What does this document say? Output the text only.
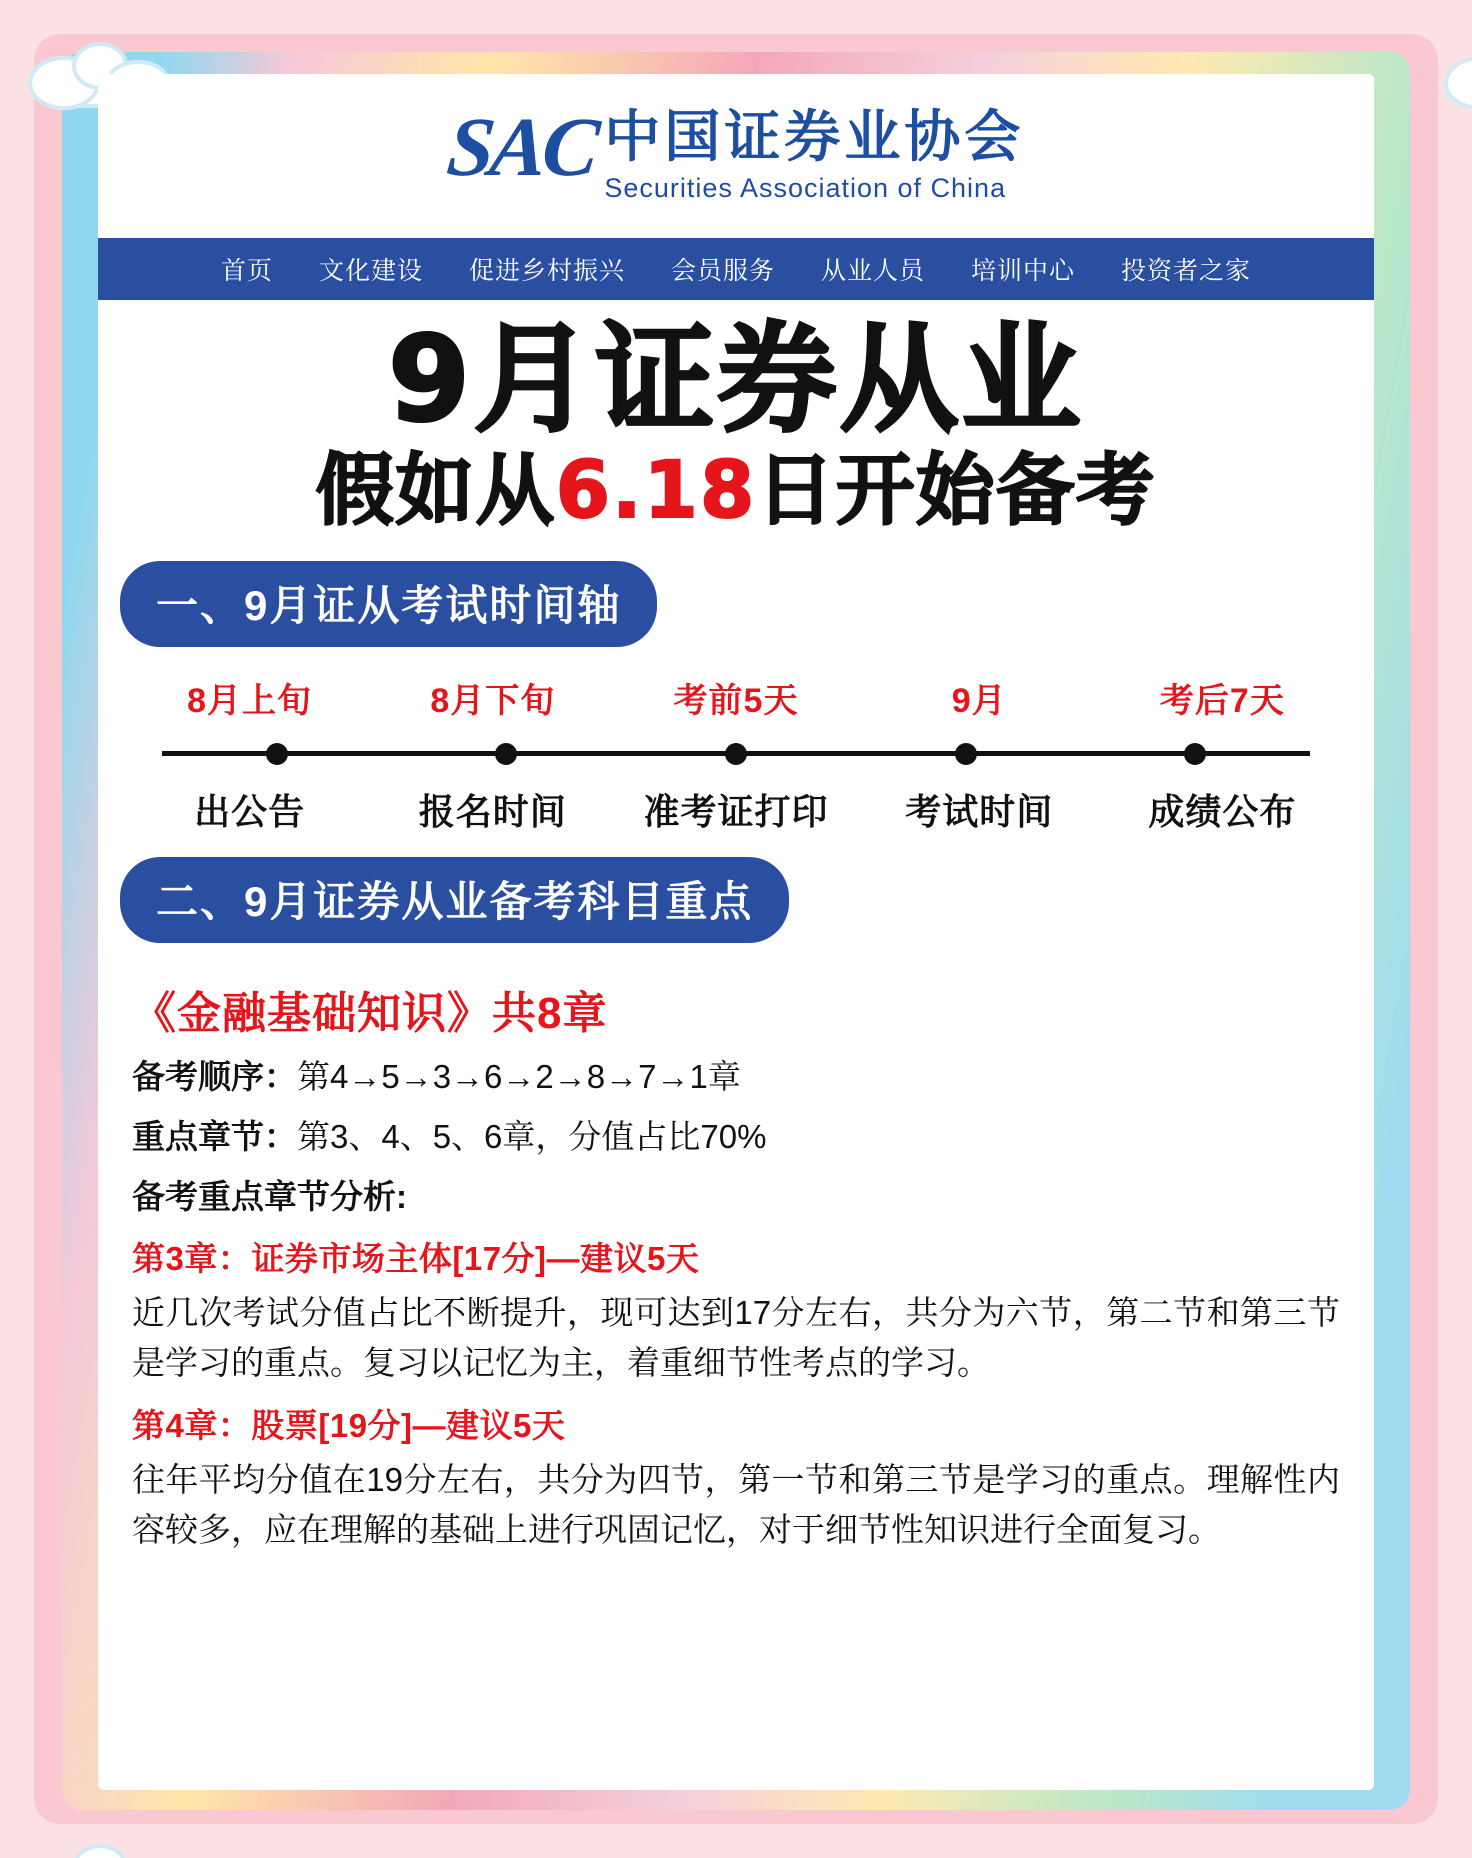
SAC 中国证券业协会
Securities Association of China
首页 文化建设 促进乡村振兴 会员服务 从业人员 培训中心 投资者之家
9月证券从业
假如从6.18日开始备考
一、9月证从考试时间轴
8月上旬	8月下旬	考前5天	9月	考后7天
出公告	报名时间	准考证打印	考试时间	成绩公布
二、9月证券从业备考科目重点
《金融基础知识》共8章
备考顺序：第4→5→3→6→2→8→7→1章
重点章节：第3、4、5、6章，分值占比70%
备考重点章节分析:
第3章：证券市场主体[17分]—建议5天
近几次考试分值占比不断提升，现可达到17分左右，共分为六节，第二节和第三节是学习的重点。复习以记忆为主，着重细节性考点的学习。
第4章：股票[19分]—建议5天
往年平均分值在19分左右，共分为四节，第一节和第三节是学习的重点。理解性内容较多，应在理解的基础上进行巩固记忆，对于细节性知识进行全面复习。
